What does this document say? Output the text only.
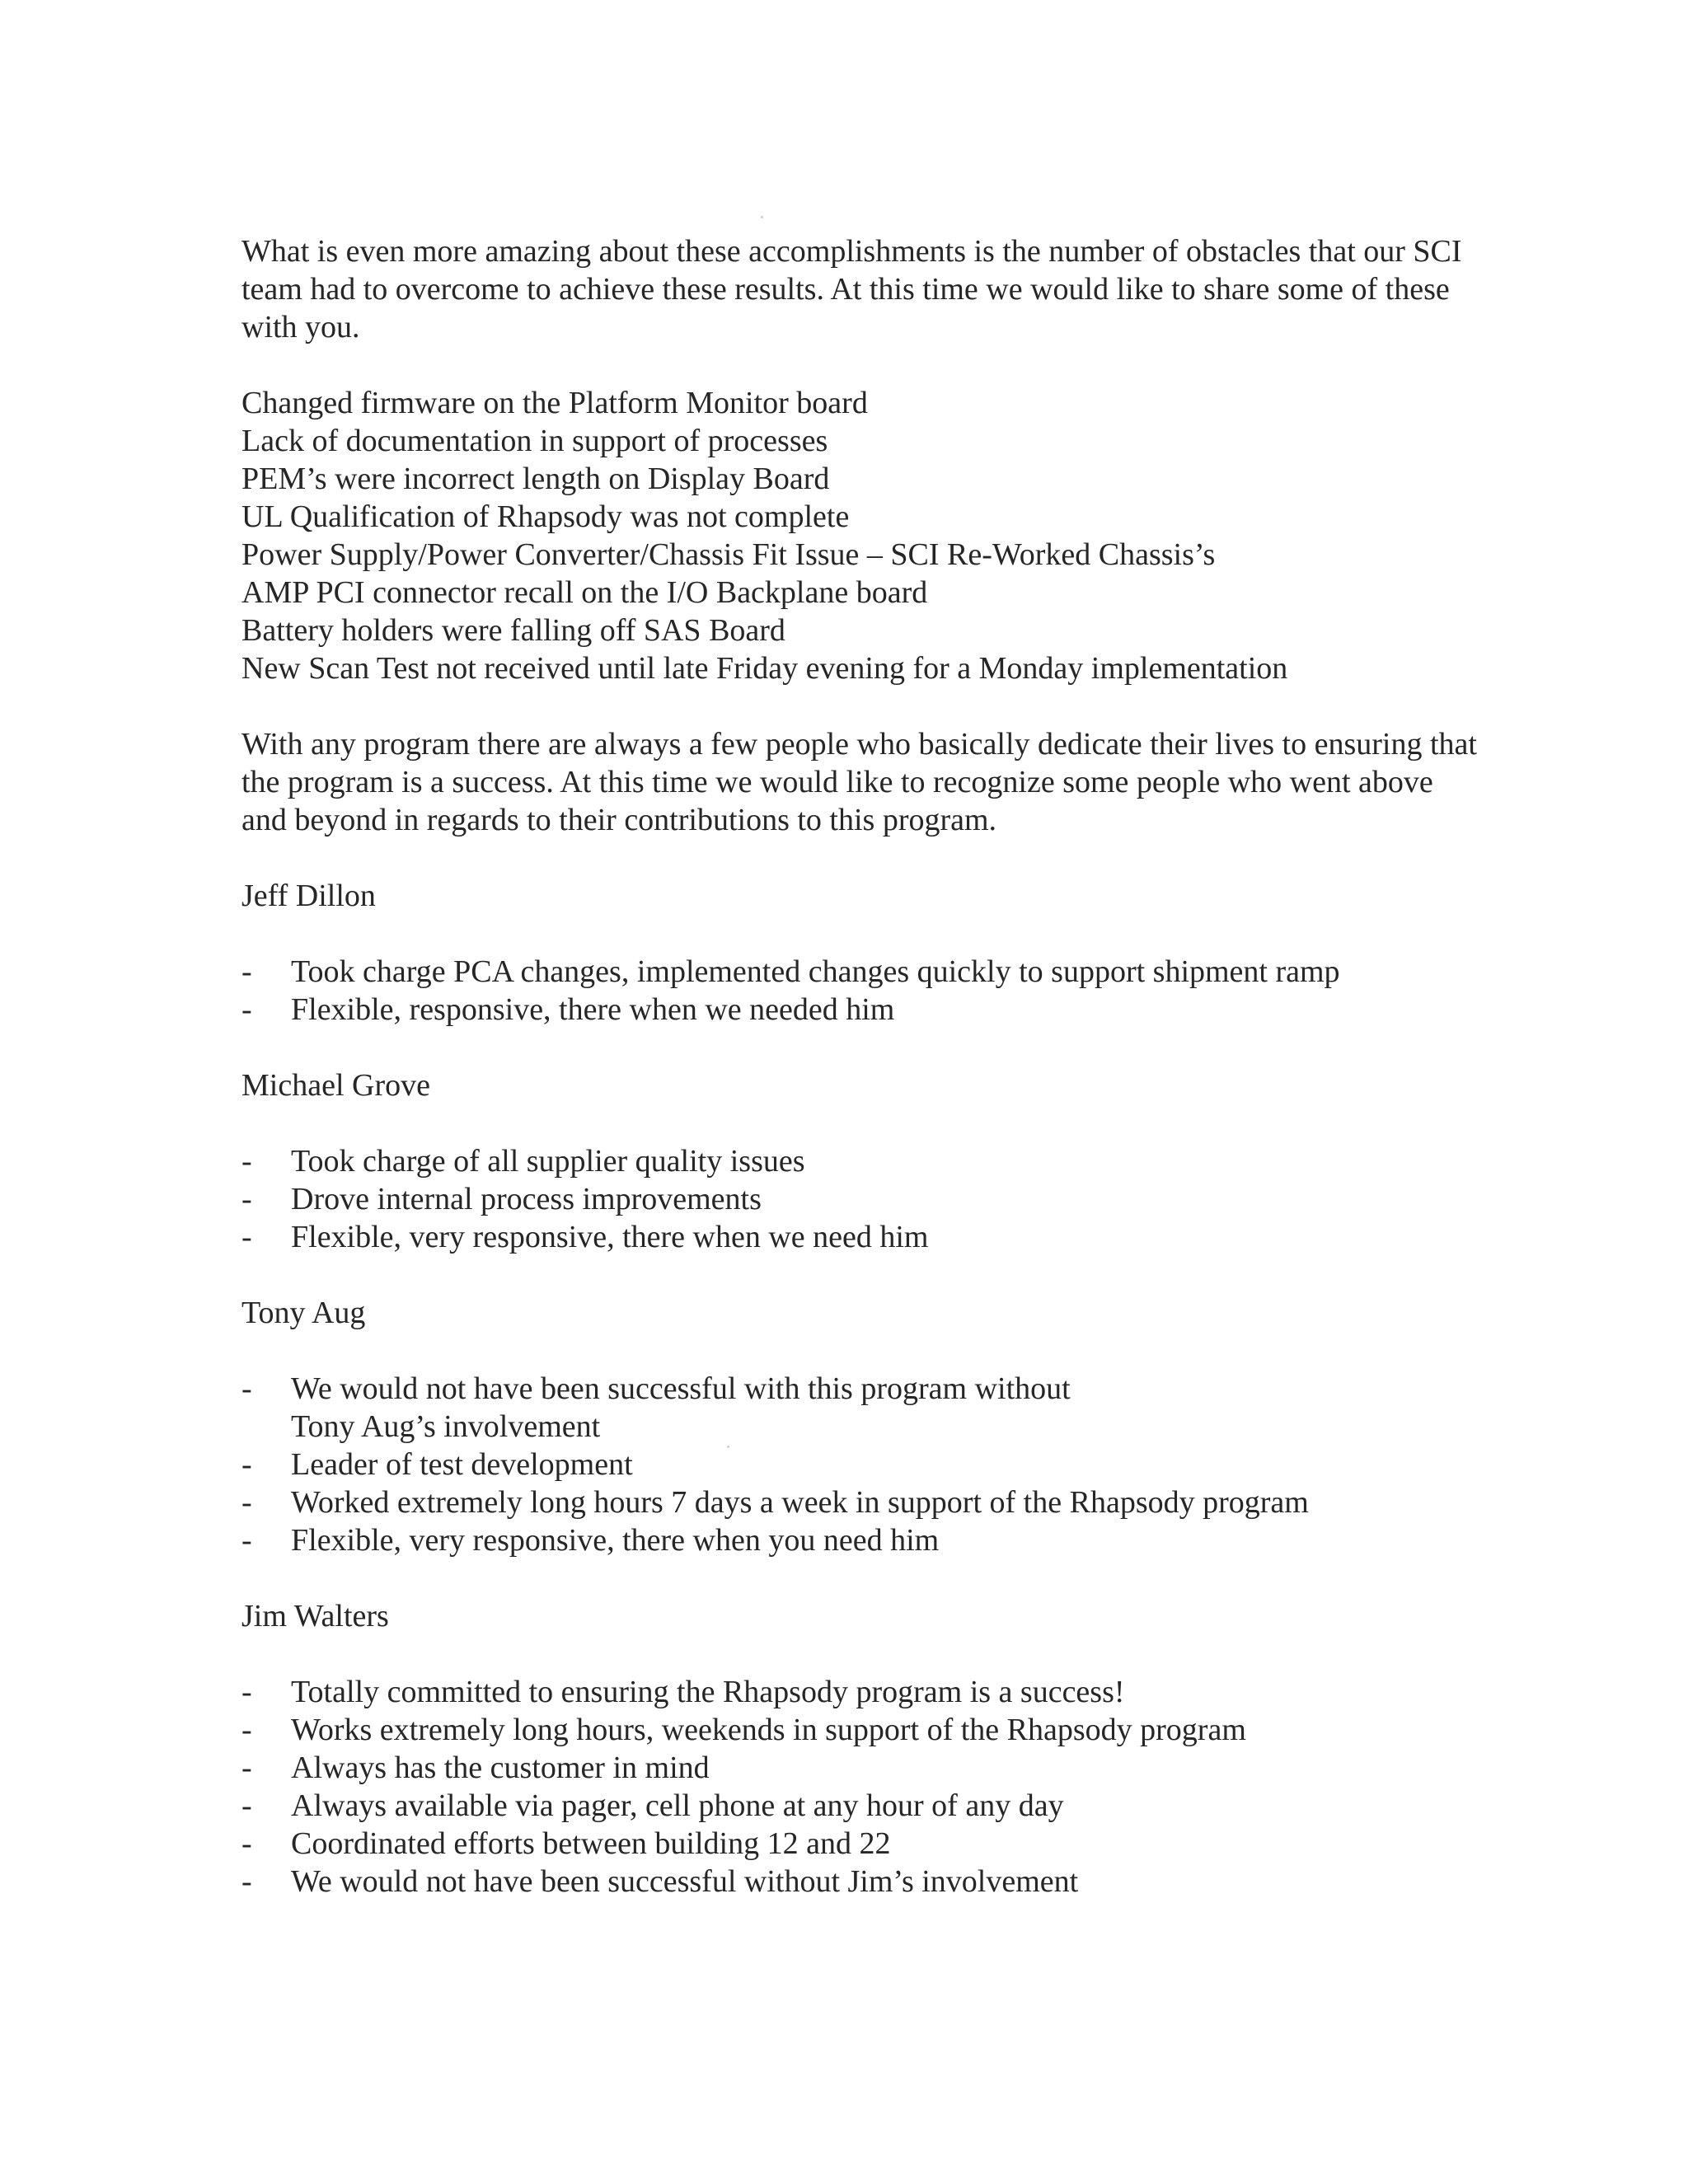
What is even more amazing about these accomplishments is the number of obstacles that our SCI team had to overcome to achieve these results. At this time we would like to share some of these with you.

Changed firmware on the Platform Monitor board
Lack of documentation in support of processes
PEM’s were incorrect length on Display Board
UL Qualification of Rhapsody was not complete
Power Supply/Power Converter/Chassis Fit Issue – SCI Re-Worked Chassis’s
AMP PCI connector recall on the I/O Backplane board
Battery holders were falling off SAS Board
New Scan Test not received until late Friday evening for a Monday implementation

With any program there are always a few people who basically dedicate their lives to ensuring that the program is a success. At this time we would like to recognize some people who went above and beyond in regards to their contributions to this program.

Jeff Dillon

- Took charge PCA changes, implemented changes quickly to support shipment ramp
- Flexible, responsive, there when we needed him

Michael Grove

- Took charge of all supplier quality issues
- Drove internal process improvements
- Flexible, very responsive, there when we need him

Tony Aug

- We would not have been successful with this program without Tony Aug’s involvement
- Leader of test development
- Worked extremely long hours 7 days a week in support of the Rhapsody program
- Flexible, very responsive, there when you need him

Jim Walters

- Totally committed to ensuring the Rhapsody program is a success!
- Works extremely long hours, weekends in support of the Rhapsody program
- Always has the customer in mind
- Always available via pager, cell phone at any hour of any day
- Coordinated efforts between building 12 and 22
- We would not have been successful without Jim’s involvement
